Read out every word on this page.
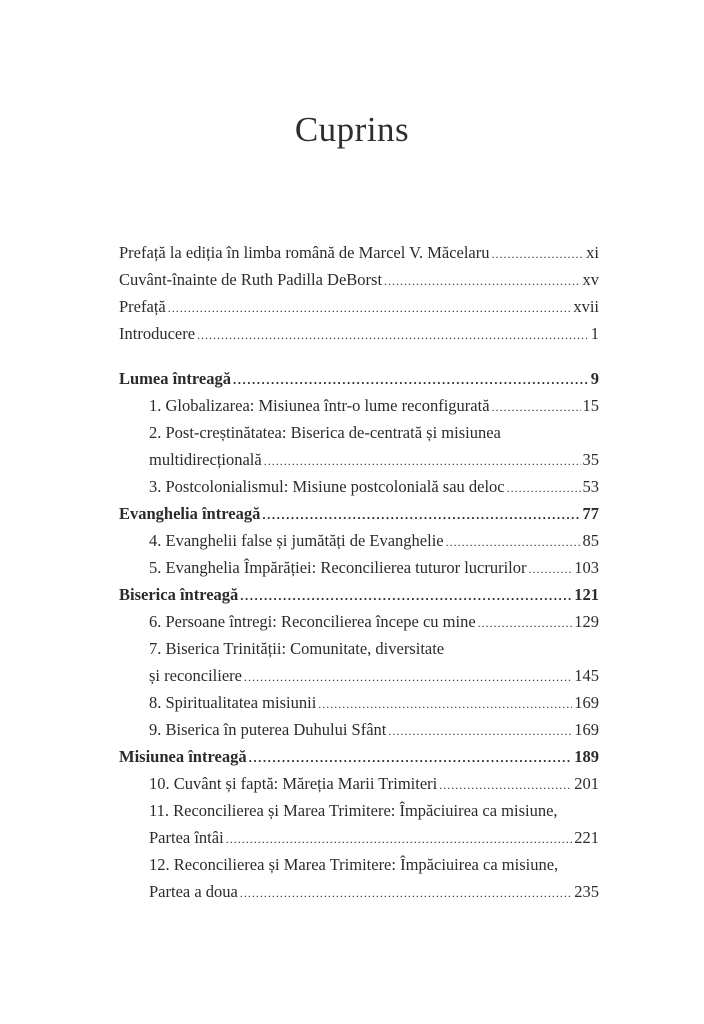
Cuprins
Prefață la ediția în limba română de Marcel V. Măcelaru .....	xi
Cuvânt-înainte de Ruth Padilla DeBorst .....	xv
Prefață .....	xvii
Introducere .....	1
Lumea întreagă .....	9
1. Globalizarea: Misiunea într-o lume reconfigurată .....	15
2. Post-creștinătatea: Biserica de-centrată și misiunea
multidirecțională .....	35
3. Postcolonialismul: Misiune postcolonială sau deloc .....	53
Evanghelia întreagă .....	77
4. Evanghelii false și jumătăți de Evanghelie .....	85
5. Evanghelia Împărăției: Reconcilierea tuturor lucrurilor .....	103
Biserica întreagă .....	121
6. Persoane întregi: Reconcilierea începe cu mine .....	129
7. Biserica Trinității: Comunitate, diversitate
și reconciliere .....	145
8. Spiritualitatea misiunii .....	169
9. Biserica în puterea Duhului Sfânt .....	169
Misiunea întreagă .....	189
10. Cuvânt și faptă: Măreția Marii Trimiteri .....	201
11. Reconcilierea și Marea Trimitere: Împăciuirea ca misiune,
Partea întâi .....	221
12. Reconcilierea și Marea Trimitere: Împăciuirea ca misiune,
Partea a doua .....	235
